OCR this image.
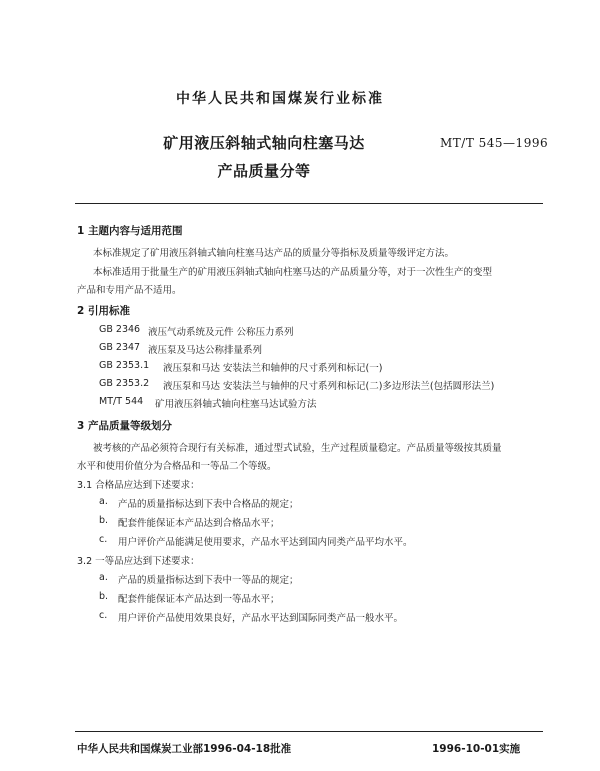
中华人民共和国煤炭行业标准
矿用液压斜轴式轴向柱塞马达
产品质量分等
MT/T 545—1996
1 主题内容与适用范围
本标准规定了矿用液压斜轴式轴向柱塞马达产品的质量分等指标及质量等级评定方法。
本标准适用于批量生产的矿用液压斜轴式轴向柱塞马达的产品质量分等，对于一次性生产的变型
产品和专用产品不适用。
2 引用标准
GB 2346 液压气动系统及元件 公称压力系列
GB 2347 液压泵及马达公称排量系列
GB 2353.1 液压泵和马达 安装法兰和轴伸的尺寸系列和标记(一)
GB 2353.2 液压泵和马达 安装法兰与轴伸的尺寸系列和标记(二)多边形法兰(包括圆形法兰)
MT/T 544 矿用液压斜轴式轴向柱塞马达试验方法
3 产品质量等级划分
被考核的产品必须符合现行有关标准，通过型式试验，生产过程质量稳定。产品质量等级按其质量
水平和使用价值分为合格品和一等品二个等级。
3.1 合格品应达到下述要求：
a. 产品的质量指标达到下表中合格品的规定；
b. 配套件能保证本产品达到合格品水平；
c. 用户评价产品能满足使用要求，产品水平达到国内同类产品平均水平。
3.2 一等品应达到下述要求：
a. 产品的质量指标达到下表中一等品的规定；
b. 配套件能保证本产品达到一等品水平；
c. 用户评价产品使用效果良好，产品水平达到国际同类产品一般水平。
中华人民共和国煤炭工业部1996-04-18批准	1996-10-01实施
